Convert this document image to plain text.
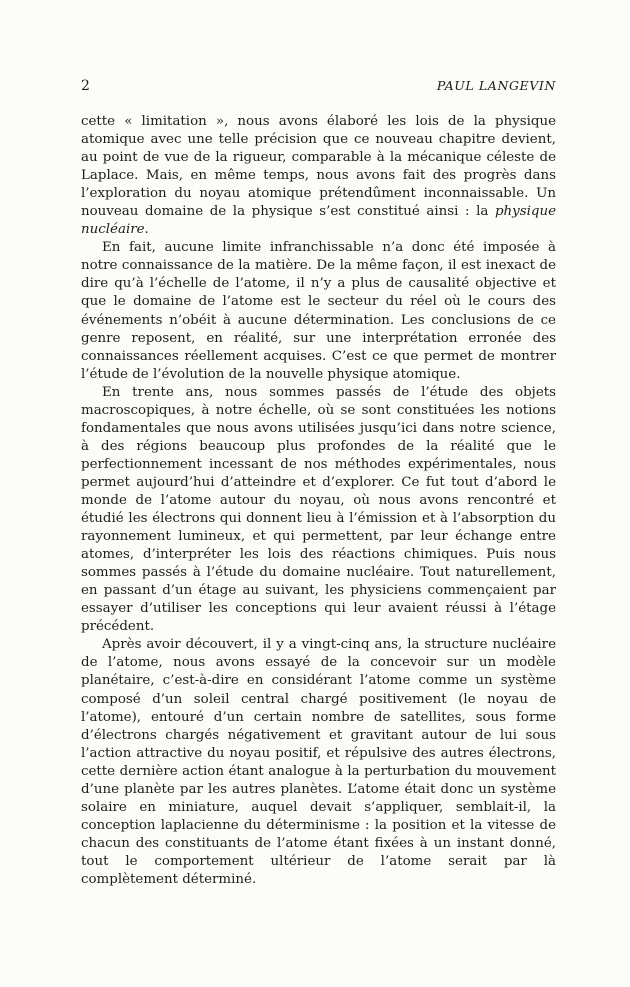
2	PAUL LANGEVIN

cette « limitation », nous avons élaboré les lois de la physique atomique avec une telle précision que ce nouveau chapitre devient, au point de vue de la rigueur, comparable à la mécanique céleste de Laplace. Mais, en même temps, nous avons fait des progrès dans l’exploration du noyau atomique prétendûment inconnaissable. Un nouveau domaine de la physique s’est constitué ainsi : la physique nucléaire.

En fait, aucune limite infranchissable n’a donc été imposée à notre connaissance de la matière. De la même façon, il est inexact de dire qu’à l’échelle de l’atome, il n’y a plus de causalité objective et que le domaine de l’atome est le secteur du réel où le cours des événements n’obéit à aucune détermination. Les conclusions de ce genre reposent, en réalité, sur une interprétation erronée des connaissances réellement acquises. C’est ce que permet de montrer l’étude de l’évolution de la nouvelle physique atomique.

En trente ans, nous sommes passés de l’étude des objets macroscopiques, à notre échelle, où se sont constituées les notions fondamentales que nous avons utilisées jusqu’ici dans notre science, à des régions beaucoup plus profondes de la réalité que le perfectionnement incessant de nos méthodes expérimentales, nous permet aujourd’hui d’atteindre et d’explorer. Ce fut tout d’abord le monde de l’atome autour du noyau, où nous avons rencontré et étudié les électrons qui donnent lieu à l’émission et à l’absorption du rayonnement lumineux, et qui permettent, par leur échange entre atomes, d’interpréter les lois des réactions chimiques. Puis nous sommes passés à l’étude du domaine nucléaire. Tout naturellement, en passant d’un étage au suivant, les physiciens commençaient par essayer d’utiliser les conceptions qui leur avaient réussi à l’étage précédent.

Après avoir découvert, il y a vingt-cinq ans, la structure nucléaire de l’atome, nous avons essayé de la concevoir sur un modèle planétaire, c’est-à-dire en considérant l’atome comme un système composé d’un soleil central chargé positivement (le noyau de l’atome), entouré d’un certain nombre de satellites, sous forme d’électrons chargés négativement et gravitant autour de lui sous l’action attractive du noyau positif, et répulsive des autres électrons, cette dernière action étant analogue à la perturbation du mouvement d’une planète par les autres planètes. L’atome était donc un système solaire en miniature, auquel devait s’appliquer, semblait-il, la conception laplacienne du déterminisme : la position et la vitesse de chacun des constituants de l’atome étant fixées à un instant donné, tout le comportement ultérieur de l’atome serait par là complètement déterminé.
